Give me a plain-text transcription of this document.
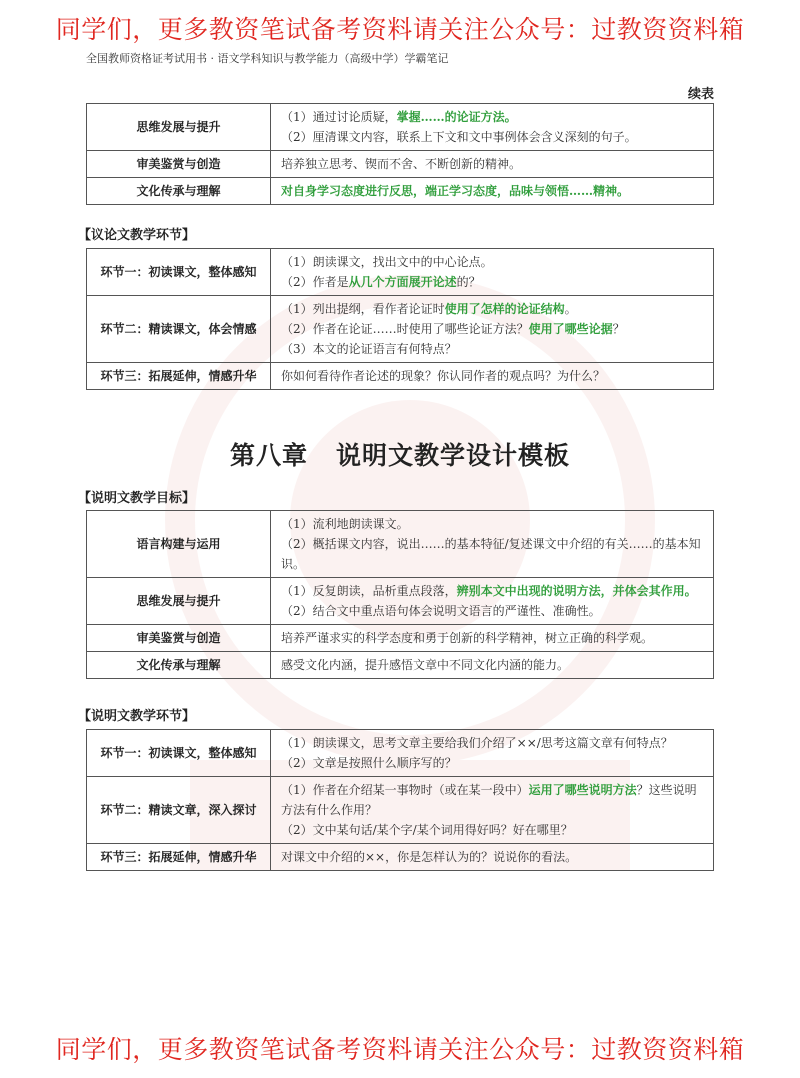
同学们，更多教资笔试备考资料请关注公众号：过教资资料箱
全国教师资格证考试用书 · 语文学科知识与教学能力（高级中学）学霸笔记
续表
思维发展与提升	（1）通过讨论质疑，掌握……的论证方法。

（2）厘清课文内容，联系上下文和文中事例体会含义深刻的句子。

审美鉴赏与创造	培养独立思考、锲而不舍、不断创新的精神。
文化传承与理解	对自身学习态度进行反思，端正学习态度，品味与领悟……精神。
【议论文教学环节】
环节一：初读课文，整体感知	（1）朗读课文，找出文中的中心论点。

（2）作者是从几个方面展开论述的？

环节二：精读课文，体会情感	（1）列出提纲，看作者论证时使用了怎样的论证结构。

（2）作者在论证……时使用了哪些论证方法？使用了哪些论据？

（3）本文的论证语言有何特点？

环节三：拓展延伸，情感升华	你如何看待作者论述的现象？你认同作者的观点吗？为什么？
第八章 说明文教学设计模板
【说明文教学目标】
语言构建与运用	（1）流利地朗读课文。

（2）概括课文内容，说出……的基本特征/复述课文中介绍的有关……的基本知识。

思维发展与提升	（1）反复朗读，品析重点段落，辨别本文中出现的说明方法，并体会其作用。

（2）结合文中重点语句体会说明文语言的严谨性、准确性。

审美鉴赏与创造	培养严谨求实的科学态度和勇于创新的科学精神，树立正确的科学观。
文化传承与理解	感受文化内涵，提升感悟文章中不同文化内涵的能力。
【说明文教学环节】
环节一：初读课文，整体感知	（1）朗读课文，思考文章主要给我们介绍了××/思考这篇文章有何特点？

（2）文章是按照什么顺序写的？

环节二：精读文章，深入探讨	（1）作者在介绍某一事物时（或在某一段中）运用了哪些说明方法？这些说明方法有什么作用？

（2）文中某句话/某个字/某个词用得好吗？好在哪里？

环节三：拓展延伸，情感升华	对课文中介绍的××，你是怎样认为的？说说你的看法。
同学们，更多教资笔试备考资料请关注公众号：过教资资料箱
